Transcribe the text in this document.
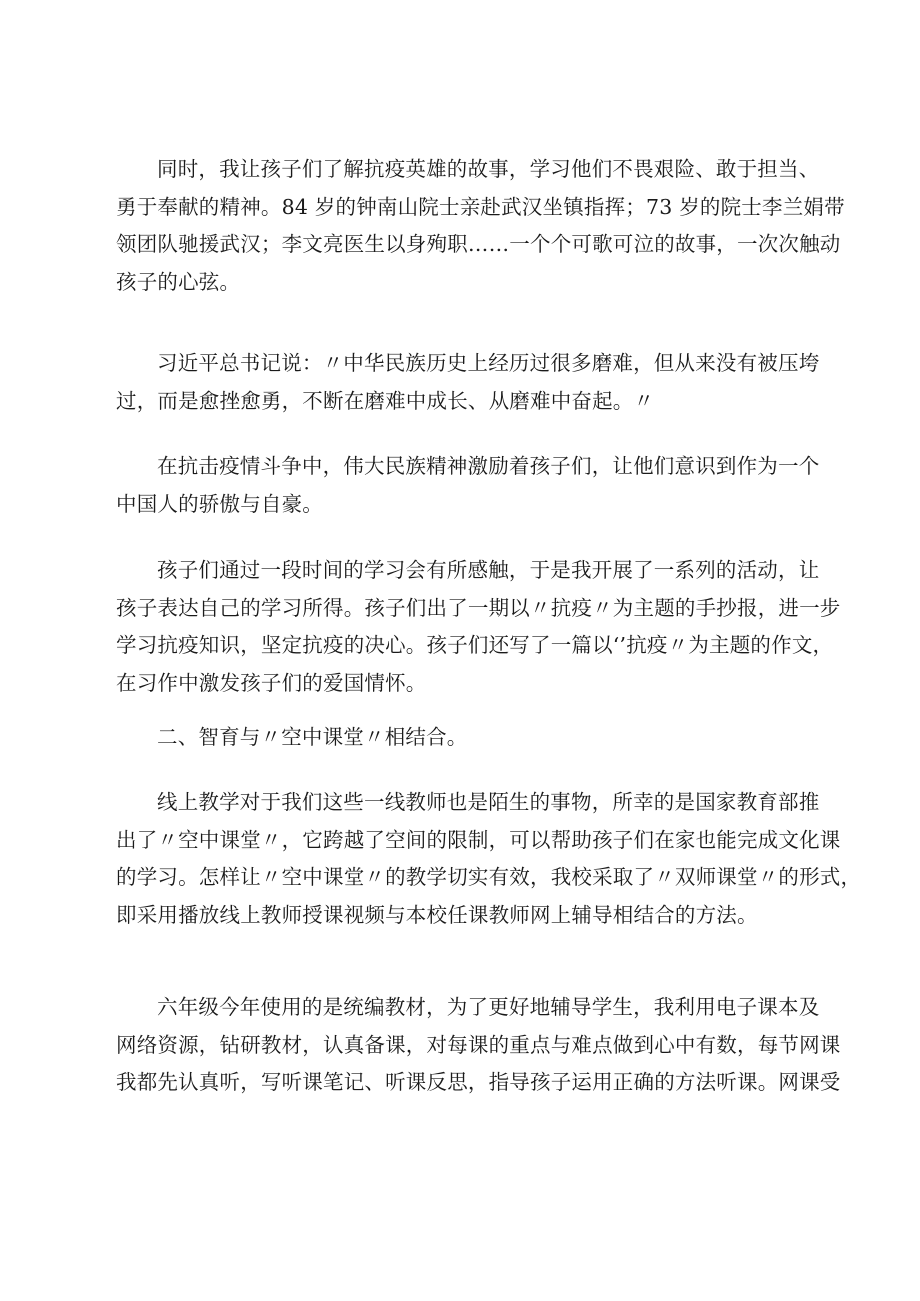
同时，我让孩子们了解抗疫英雄的故事，学习他们不畏艰险、敢于担当、
勇于奉献的精神。84 岁的钟南山院士亲赴武汉坐镇指挥；73 岁的院士李兰娟带
领团队驰援武汉；李文亮医生以身殉职……一个个可歌可泣的故事，一次次触动
孩子的心弦。
习近平总书记说：〃中华民族历史上经历过很多磨难，但从来没有被压垮
过，而是愈挫愈勇，不断在磨难中成长、从磨难中奋起。〃
在抗击疫情斗争中，伟大民族精神激励着孩子们，让他们意识到作为一个
中国人的骄傲与自豪。
孩子们通过一段时间的学习会有所感触，于是我开展了一系列的活动，让
孩子表达自己的学习所得。孩子们出了一期以〃抗疫〃为主题的手抄报，进一步
学习抗疫知识，坚定抗疫的决心。孩子们还写了一篇以‘’抗疫〃为主题的作文，
在习作中激发孩子们的爱国情怀。
二、智育与〃空中课堂〃相结合。
线上教学对于我们这些一线教师也是陌生的事物，所幸的是国家教育部推
出了〃空中课堂〃，它跨越了空间的限制，可以帮助孩子们在家也能完成文化课
的学习。怎样让〃空中课堂〃的教学切实有效，我校采取了〃双师课堂〃的形式，
即采用播放线上教师授课视频与本校任课教师网上辅导相结合的方法。
六年级今年使用的是统编教材，为了更好地辅导学生，我利用电子课本及
网络资源，钻研教材，认真备课，对每课的重点与难点做到心中有数，每节网课
我都先认真听，写听课笔记、听课反思，指导孩子运用正确的方法听课。网课受
